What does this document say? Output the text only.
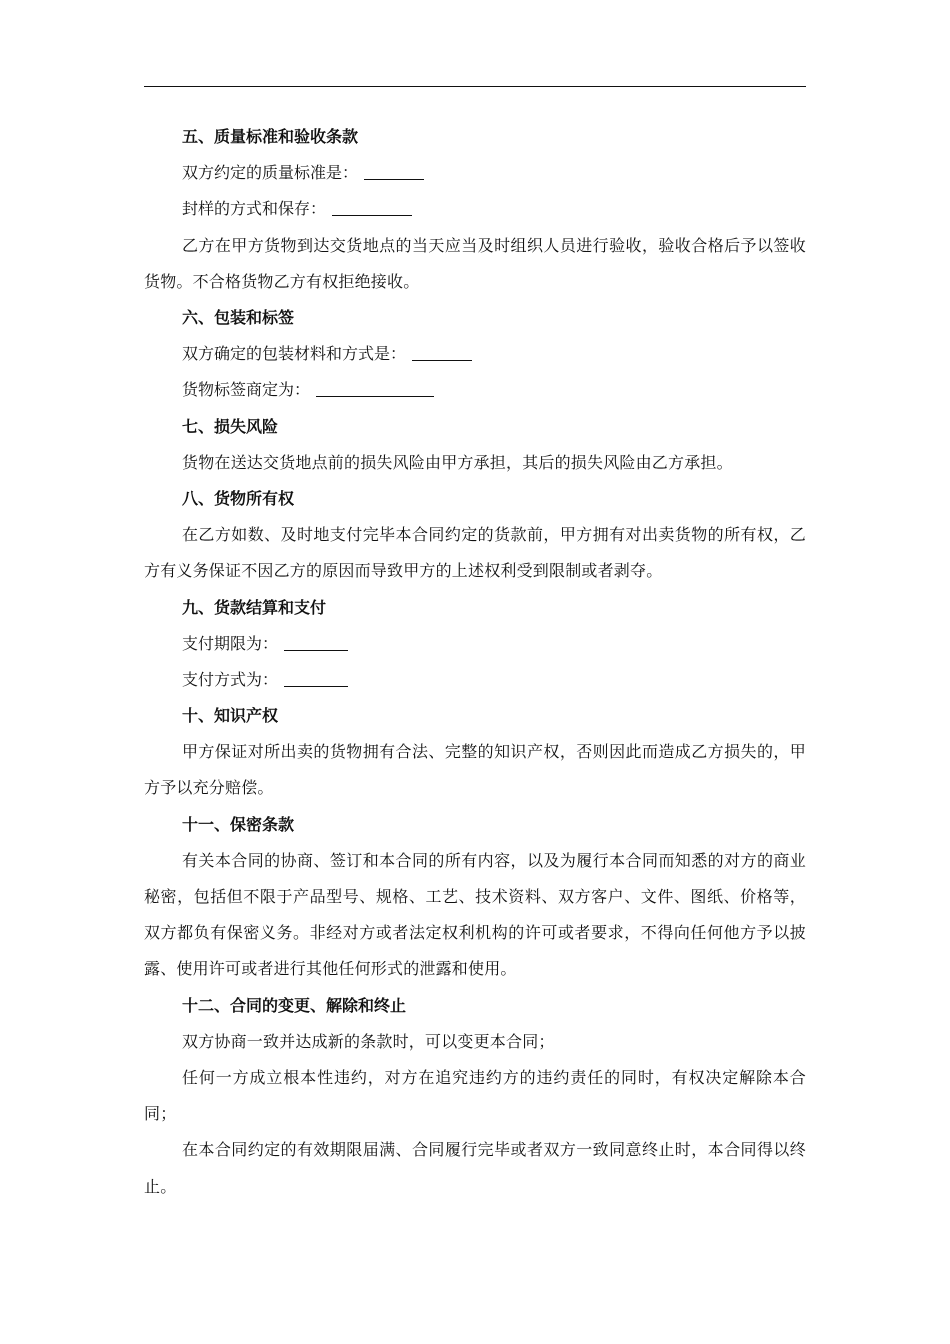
五、质量标准和验收条款
双方约定的质量标准是：
封样的方式和保存：

乙方在甲方货物到达交货地点的当天应当及时组织人员进行验收，验收合格后予以签收货物。不合格货物乙方有权拒绝接收。

六、包装和标签
双方确定的包装材料和方式是：
货物标签商定为：
七、损失风险

货物在送达交货地点前的损失风险由甲方承担，其后的损失风险由乙方承担。

八、货物所有权

在乙方如数、及时地支付完毕本合同约定的货款前，甲方拥有对出卖货物的所有权，乙方有义务保证不因乙方的原因而导致甲方的上述权利受到限制或者剥夺。

九、货款结算和支付
支付期限为：
支付方式为：
十、知识产权

甲方保证对所出卖的货物拥有合法、完整的知识产权，否则因此而造成乙方损失的，甲方予以充分赔偿。

十一、保密条款

有关本合同的协商、签订和本合同的所有内容，以及为履行本合同而知悉的对方的商业秘密，包括但不限于产品型号、规格、工艺、技术资料、双方客户、文件、图纸、价格等，双方都负有保密义务。非经对方或者法定权利机构的许可或者要求，不得向任何他方予以披露、使用许可或者进行其他任何形式的泄露和使用。

十二、合同的变更、解除和终止

双方协商一致并达成新的条款时，可以变更本合同；

任何一方成立根本性违约，对方在追究违约方的违约责任的同时，有权决定解除本合同；

在本合同约定的有效期限届满、合同履行完毕或者双方一致同意终止时，本合同得以终止。
